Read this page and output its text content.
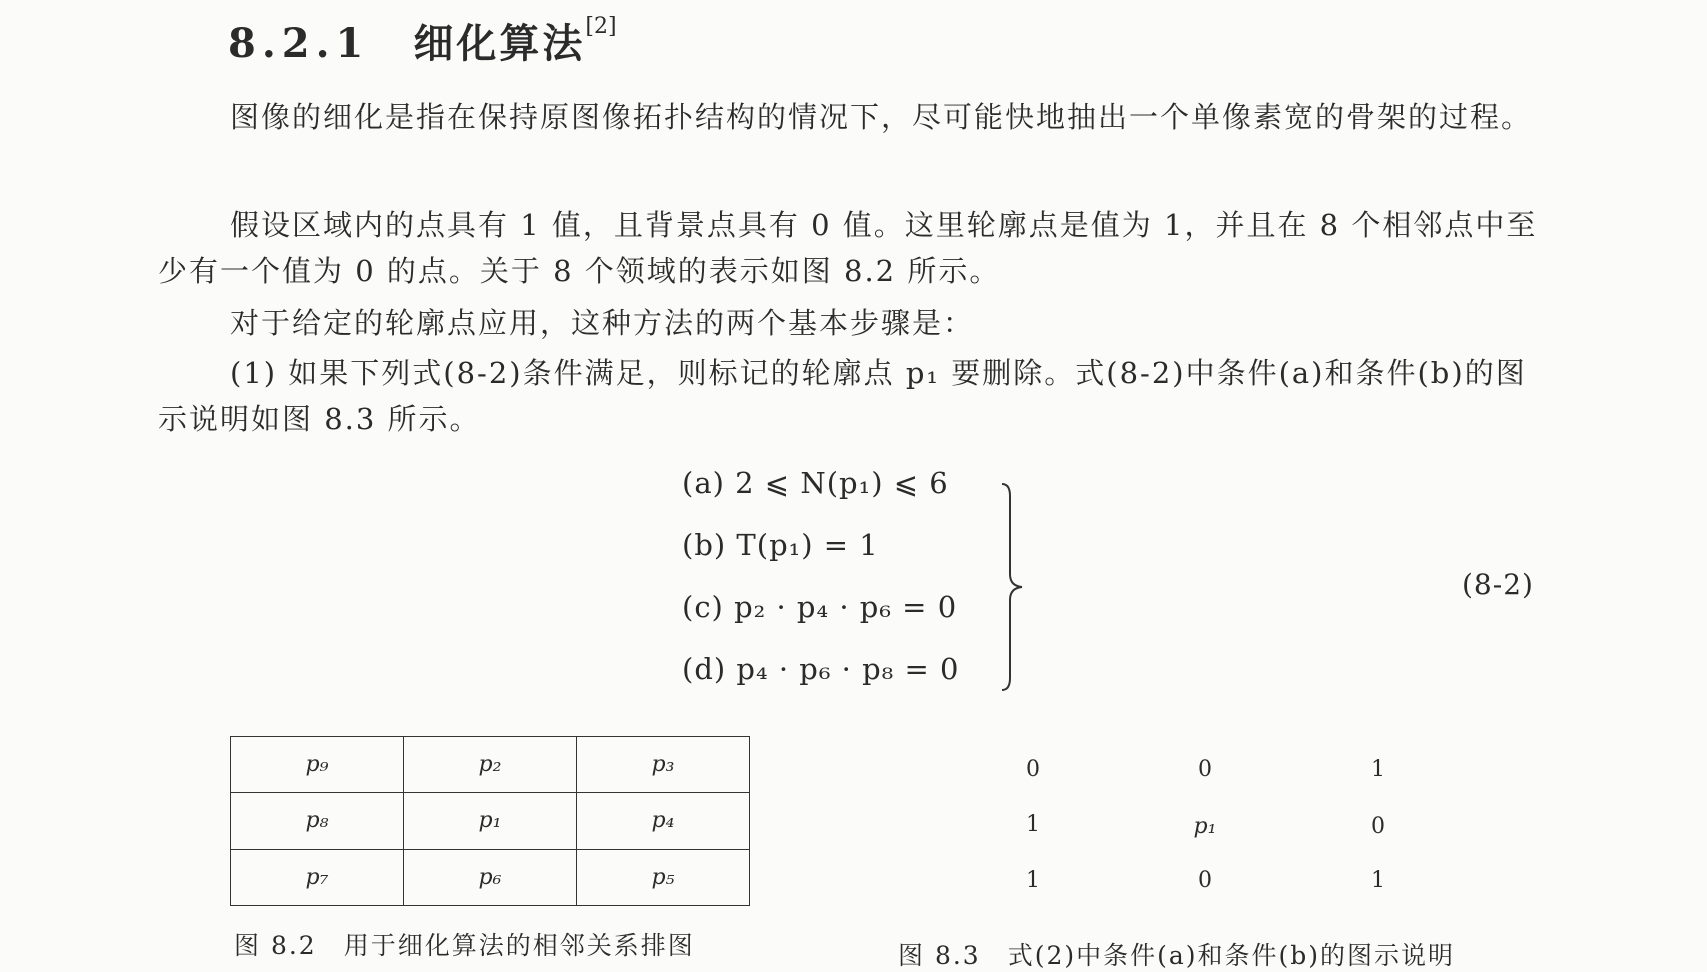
8.2.1 细化算法[2]

图像的细化是指在保持原图像拓扑结构的情况下，尽可能快地抽出一个单像素宽的骨架的过程。

假设区域内的点具有 1 值，且背景点具有 0 值。这里轮廓点是值为 1，并且在 8 个相邻点中至少有一个值为 0 的点。关于 8 个领域的表示如图 8.2 所示。

对于给定的轮廓点应用，这种方法的两个基本步骤是：

(1) 如果下列式(8-2)条件满足，则标记的轮廓点 p₁ 要删除。式(8-2)中条件(a)和条件(b)的图示说明如图 8.3 所示。

(a) 2 ⩽ N(p₁) ⩽ 6
(b) T(p₁) = 1
(c) p₂ · p₄ · p₆ = 0
(d) p₄ · p₆ · p₈ = 0
(8-2)
p₉	p₂	p₃
p₈	p₁	p₄
p₇	p₆	p₅
0	0	1
1	p₁	0
1	0	1
图 8.2　用于细化算法的相邻关系排图	图 8.3　式(2)中条件(a)和条件(b)的图示说明
